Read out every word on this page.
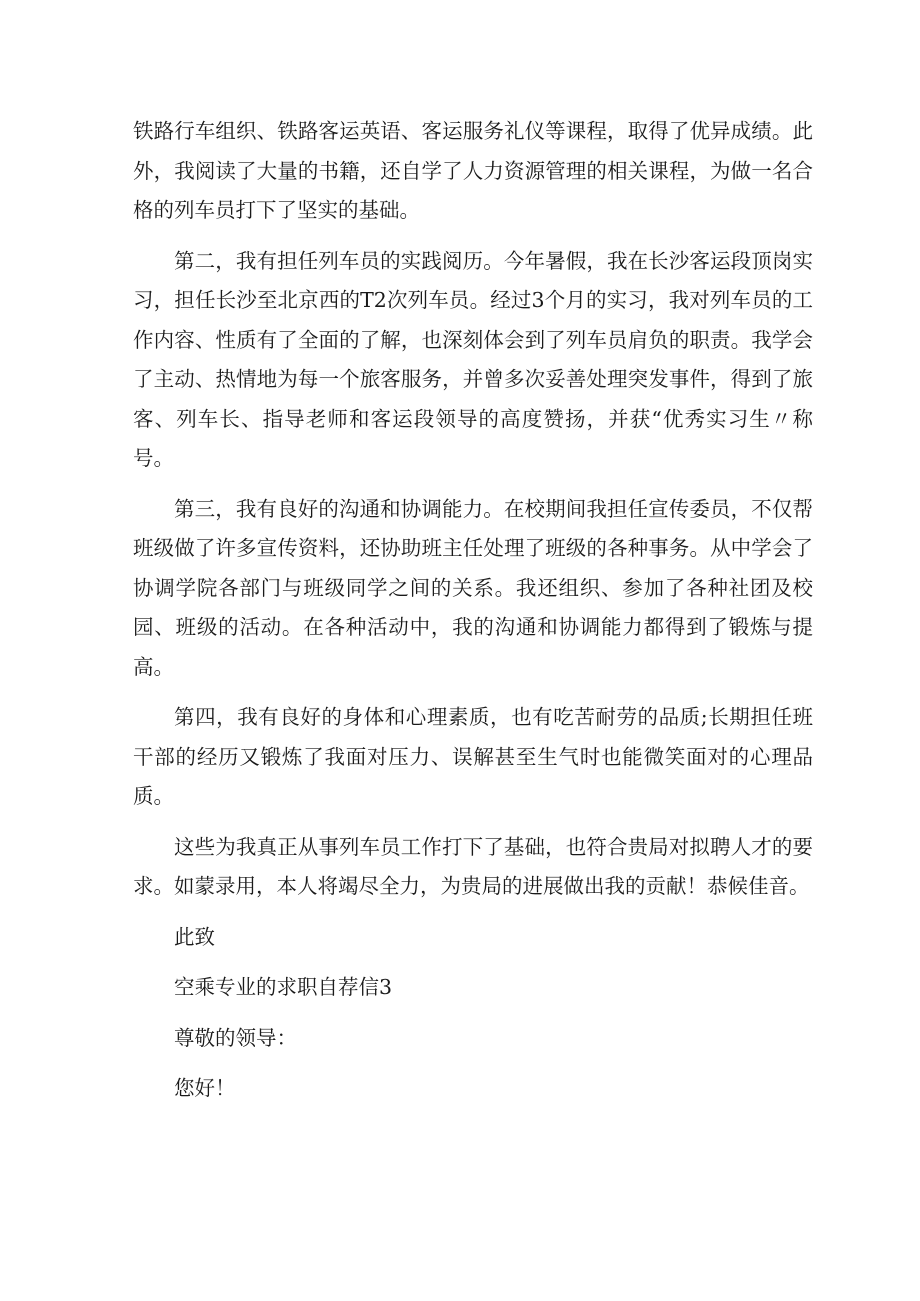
铁路行车组织、铁路客运英语、客运服务礼仪等课程，取得了优异成绩。此外，我阅读了大量的书籍，还自学了人力资源管理的相关课程，为做一名合格的列车员打下了坚实的基础。

第二，我有担任列车员的实践阅历。今年暑假，我在长沙客运段顶岗实习，担任长沙至北京西的T2次列车员。经过3个月的实习，我对列车员的工作内容、性质有了全面的了解，也深刻体会到了列车员肩负的职责。我学会了主动、热情地为每一个旅客服务，并曾多次妥善处理突发事件，得到了旅客、列车长、指导老师和客运段领导的高度赞扬，并获“优秀实习生〃称号。

第三，我有良好的沟通和协调能力。在校期间我担任宣传委员，不仅帮班级做了许多宣传资料，还协助班主任处理了班级的各种事务。从中学会了协调学院各部门与班级同学之间的关系。我还组织、参加了各种社团及校园、班级的活动。在各种活动中，我的沟通和协调能力都得到了锻炼与提高。

第四，我有良好的身体和心理素质，也有吃苦耐劳的品质;长期担任班干部的经历又锻炼了我面对压力、误解甚至生气时也能微笑面对的心理品质。

这些为我真正从事列车员工作打下了基础，也符合贵局对拟聘人才的要求。如蒙录用，本人将竭尽全力，为贵局的进展做出我的贡献！恭候佳音。

此致

空乘专业的求职自荐信3

尊敬的领导：

您好！
